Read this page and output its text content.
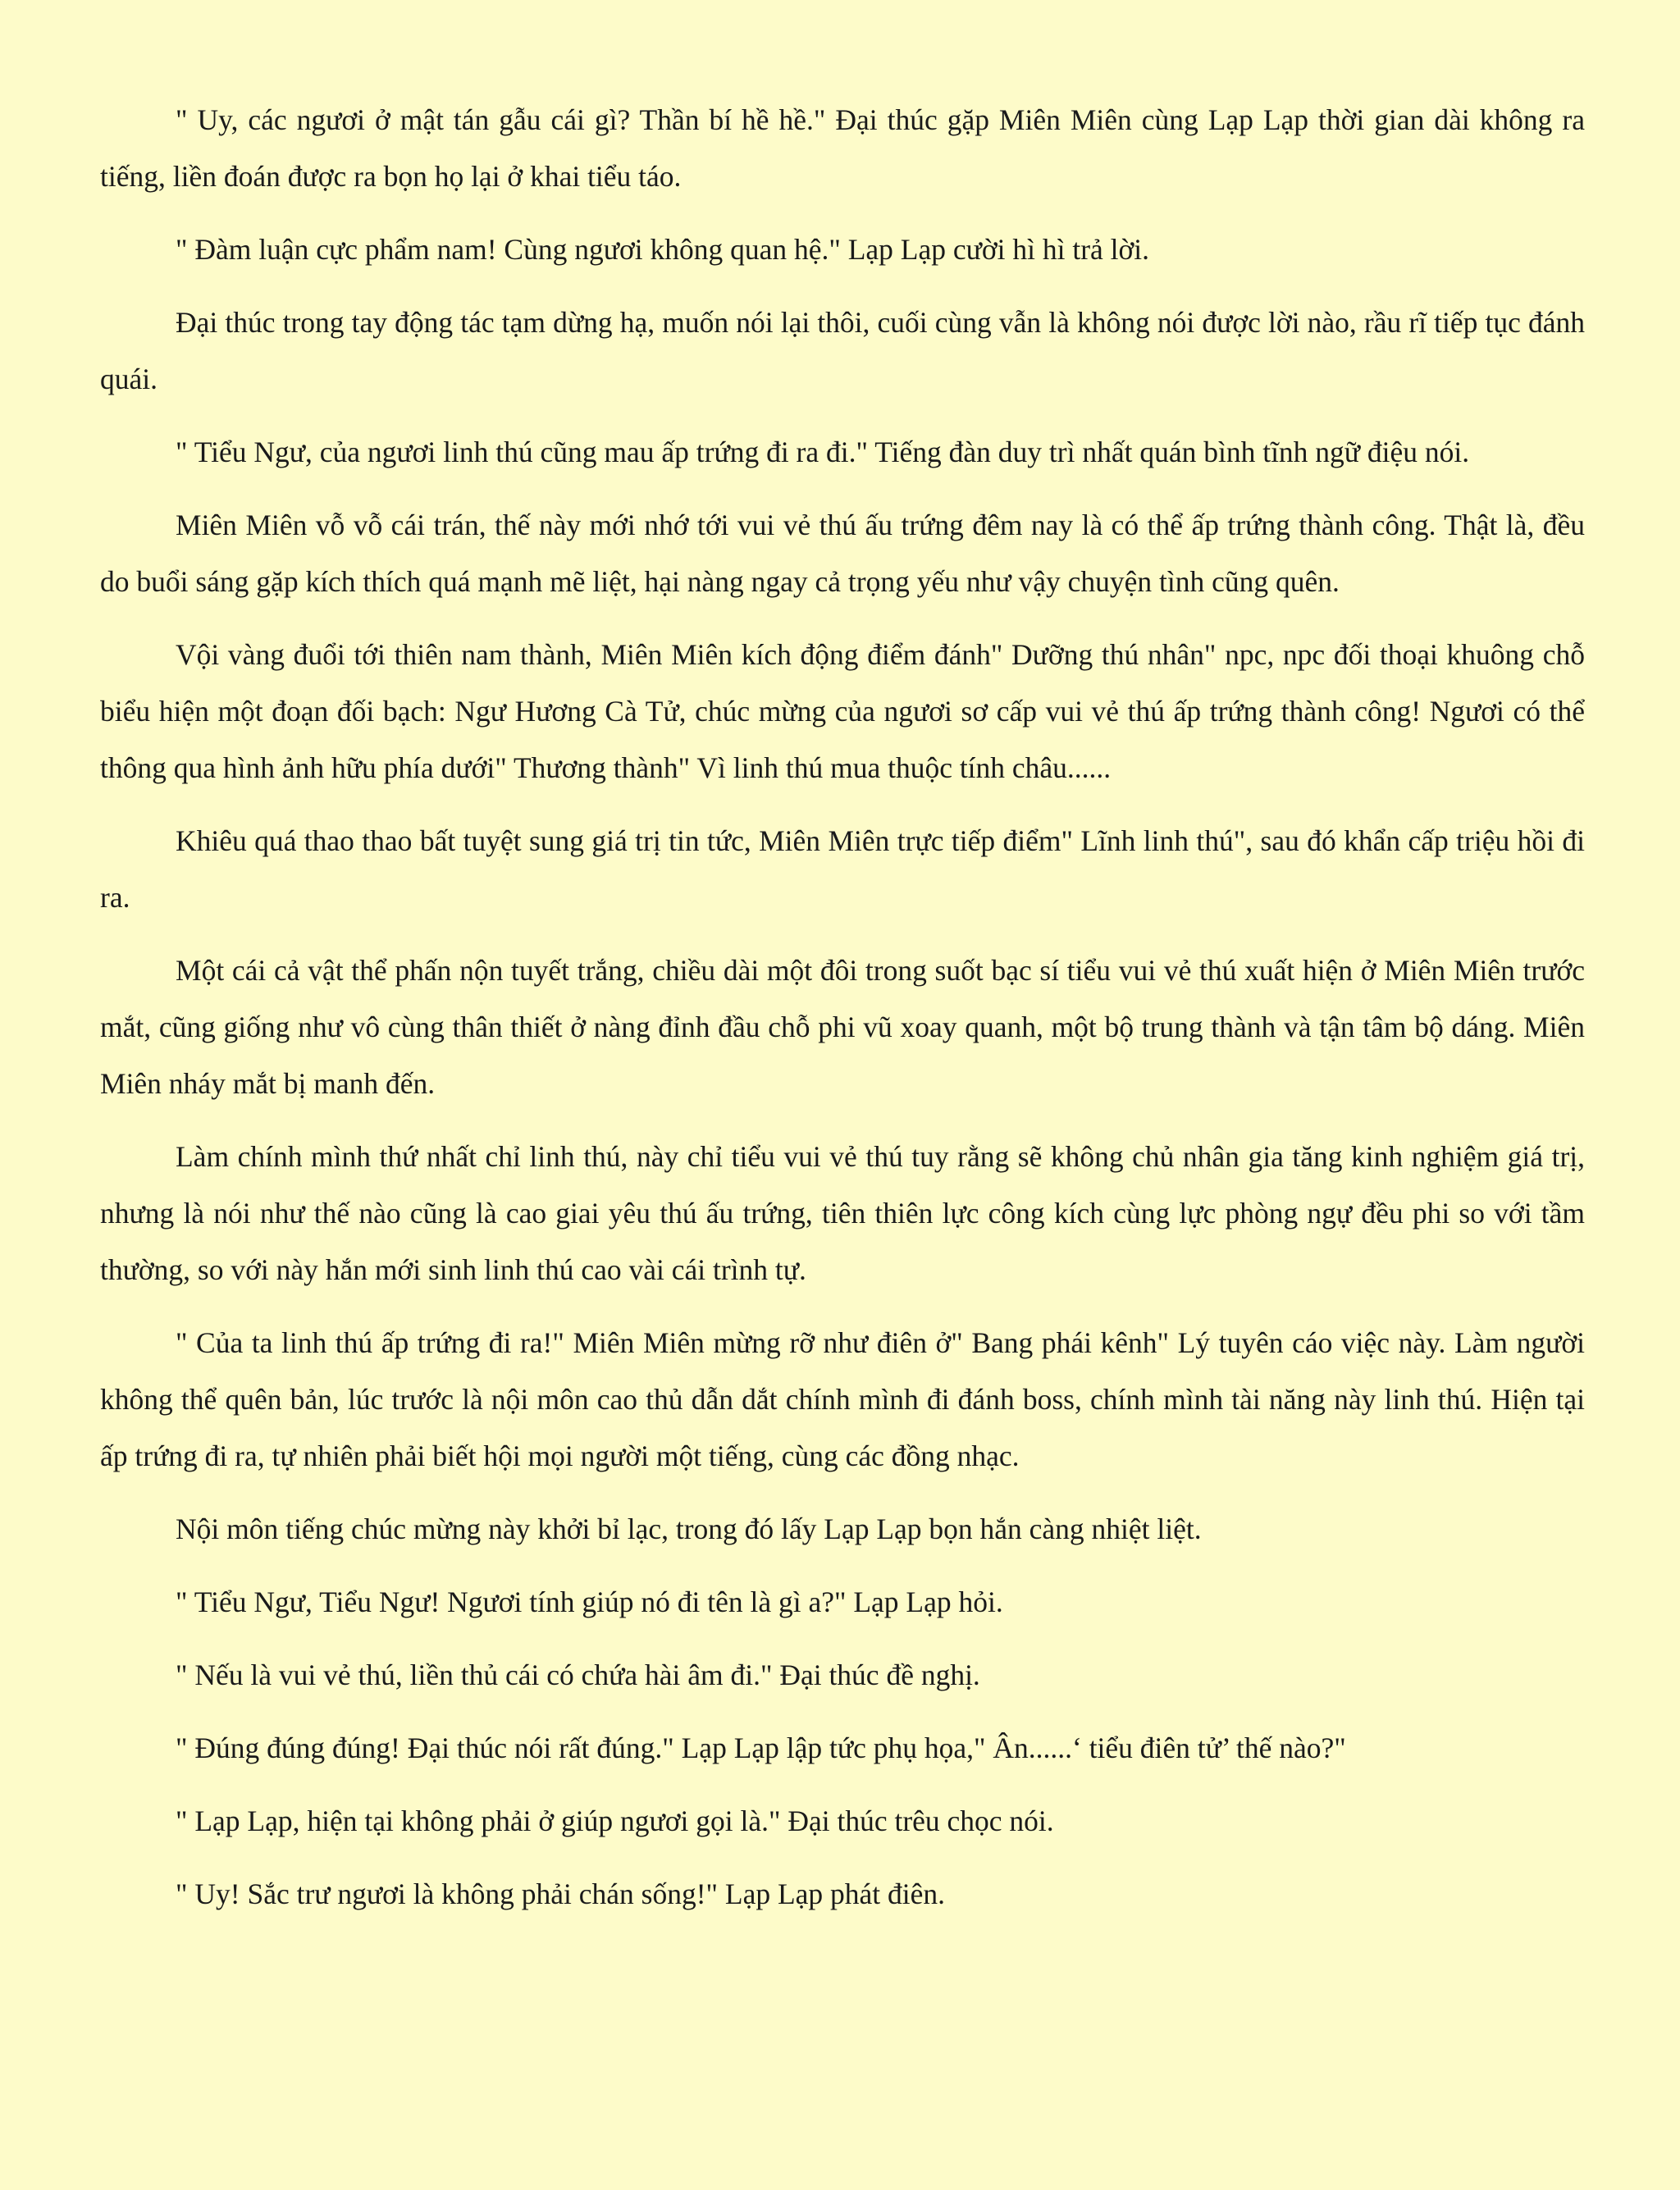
" Uy, các ngươi ở mật tán gẫu cái gì? Thần bí hề hề." Đại thúc gặp Miên Miên cùng Lạp Lạp thời gian dài không ra tiếng, liền đoán được ra bọn họ lại ở khai tiểu táo.

" Đàm luận cực phẩm nam! Cùng ngươi không quan hệ." Lạp Lạp cười hì hì trả lời.

Đại thúc trong tay động tác tạm dừng hạ, muốn nói lại thôi, cuối cùng vẫn là không nói được lời nào, rầu rĩ tiếp tục đánh quái.

" Tiểu Ngư, của ngươi linh thú cũng mau ấp trứng đi ra đi." Tiếng đàn duy trì nhất quán bình tĩnh ngữ điệu nói.

Miên Miên vỗ vỗ cái trán, thế này mới nhớ tới vui vẻ thú ấu trứng đêm nay là có thể ấp trứng thành công. Thật là, đều do buổi sáng gặp kích thích quá mạnh mẽ liệt, hại nàng ngay cả trọng yếu như vậy chuyện tình cũng quên.

Vội vàng đuổi tới thiên nam thành, Miên Miên kích động điểm đánh" Dưỡng thú nhân" npc, npc đối thoại khuông chỗ biểu hiện một đoạn đối bạch: Ngư Hương Cà Tử, chúc mừng của ngươi sơ cấp vui vẻ thú ấp trứng thành công! Ngươi có thể thông qua hình ảnh hữu phía dưới" Thương thành" Vì linh thú mua thuộc tính châu......

Khiêu quá thao thao bất tuyệt sung giá trị tin tức, Miên Miên trực tiếp điểm" Lĩnh linh thú", sau đó khẩn cấp triệu hồi đi ra.

Một cái cả vật thể phấn nộn tuyết trắng, chiều dài một đôi trong suốt bạc sí tiểu vui vẻ thú xuất hiện ở Miên Miên trước mắt, cũng giống như vô cùng thân thiết ở nàng đỉnh đầu chỗ phi vũ xoay quanh, một bộ trung thành và tận tâm bộ dáng. Miên Miên nháy mắt bị manh đến.

Làm chính mình thứ nhất chỉ linh thú, này chỉ tiểu vui vẻ thú tuy rằng sẽ không chủ nhân gia tăng kinh nghiệm giá trị, nhưng là nói như thế nào cũng là cao giai yêu thú ấu trứng, tiên thiên lực công kích cùng lực phòng ngự đều phi so với tầm thường, so với này hắn mới sinh linh thú cao vài cái trình tự.

" Của ta linh thú ấp trứng đi ra!" Miên Miên mừng rỡ như điên ở" Bang phái kênh" Lý tuyên cáo việc này. Làm người không thể quên bản, lúc trước là nội môn cao thủ dẫn dắt chính mình đi đánh boss, chính mình tài năng này linh thú. Hiện tại ấp trứng đi ra, tự nhiên phải biết hội mọi người một tiếng, cùng các đồng nhạc.

Nội môn tiếng chúc mừng này khởi bỉ lạc, trong đó lấy Lạp Lạp bọn hắn càng nhiệt liệt.

" Tiểu Ngư, Tiểu Ngư! Ngươi tính giúp nó đi tên là gì a?" Lạp Lạp hỏi.

" Nếu là vui vẻ thú, liền thủ cái có chứa hài âm đi." Đại thúc đề nghị.

" Đúng đúng đúng! Đại thúc nói rất đúng." Lạp Lạp lập tức phụ họa," Ân......‘ tiểu điên tử’ thế nào?"

" Lạp Lạp, hiện tại không phải ở giúp ngươi gọi là." Đại thúc trêu chọc nói.

" Uy! Sắc trư ngươi là không phải chán sống!" Lạp Lạp phát điên.
